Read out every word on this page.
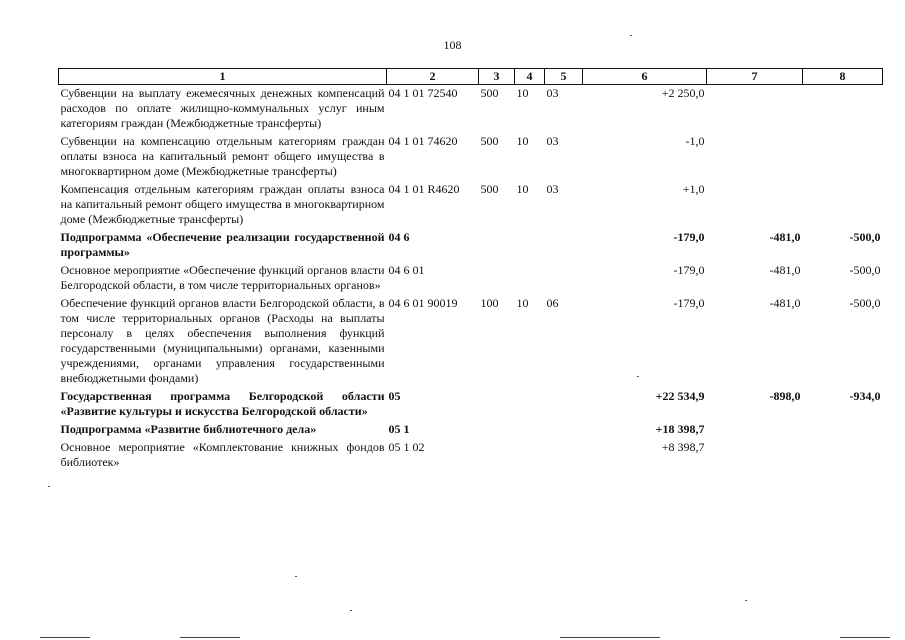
108
1	2	3	4	5	6	7	8
Субвенции на выплату ежемесячных денежных компенсаций расходов по оплате жилищно-коммунальных услуг иным категориям граждан (Межбюджетные трансферты)	04 1 01 72540	500	10	03	+2 250,0		
Субвенции на компенсацию отдельным категориям граждан оплаты взноса на капитальный ремонт общего имущества в многоквартирном доме (Межбюджетные трансферты)	04 1 01 74620	500	10	03	-1,0		
Компенсация отдельным категориям граждан оплаты взноса на капитальный ремонт общего имущества в многоквартирном доме (Межбюджетные трансферты)	04 1 01 R4620	500	10	03	+1,0		
Подпрограмма «Обеспечение реализации государственной программы»	04 6				-179,0	-481,0	-500,0
Основное мероприятие «Обеспечение функций органов власти Белгородской области, в том числе территориальных органов»	04 6 01				-179,0	-481,0	-500,0
Обеспечение функций органов власти Белгородской области, в том числе территориальных органов (Расходы на выплаты персоналу в целях обеспечения выполнения функций государственными (муниципальными) органами, казенными учреждениями, органами управления государственными внебюджетными фондами)	04 6 01 90019	100	10	06	-179,0	-481,0	-500,0
Государственная программа Белгородской области «Развитие культуры и искусства Белгородской области»	05				+22 534,9	-898,0	-934,0
Подпрограмма «Развитие библиотечного дела»	05 1				+18 398,7		
Основное мероприятие «Комплектование книжных фондов библиотек»	05 1 02				+8 398,7		
